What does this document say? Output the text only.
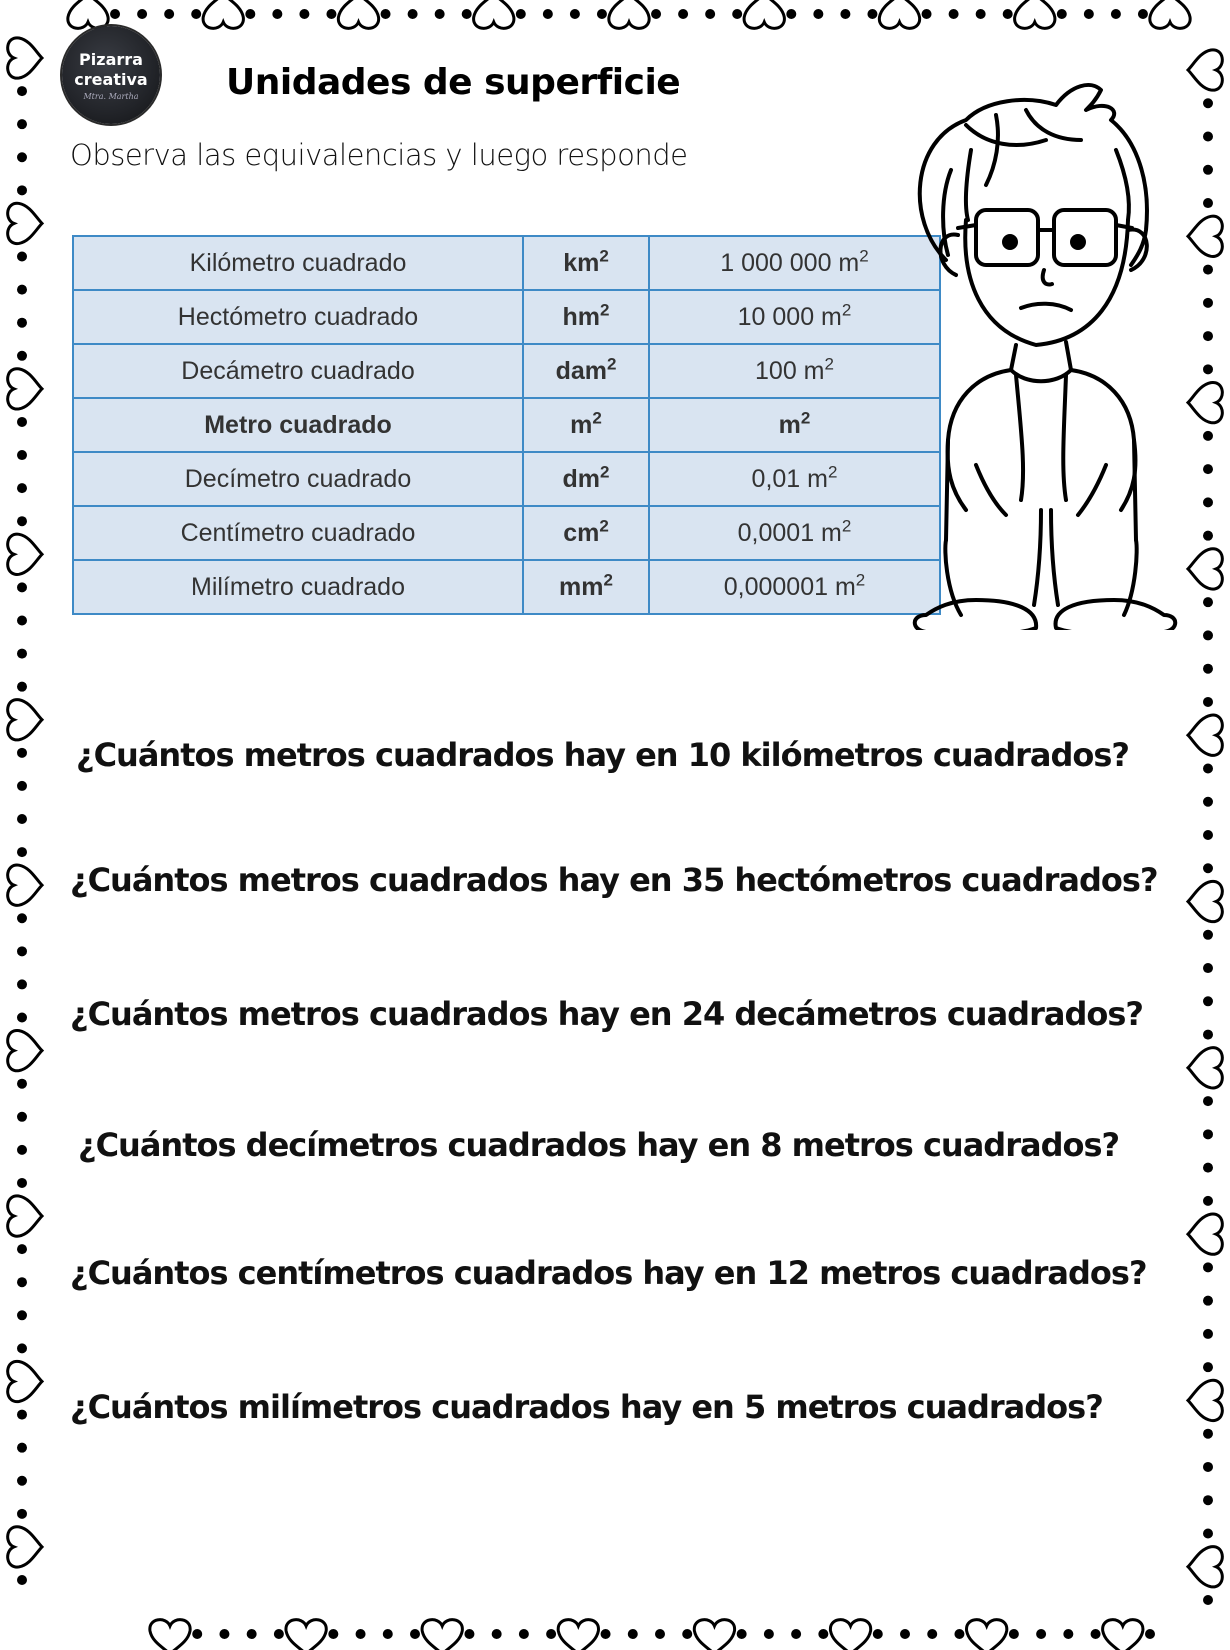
Pizarra
creativa
Mtra. Martha Unidades de superficie
Observa las equivalencias y luego responde
Kilómetro cuadrado	$km^2$	1 000 000 $m^2$
Hectómetro cuadrado	$hm^2$	10 000 $m^2$
Decámetro cuadrado	dam$^2$	100 $m^2$
Metro cuadrado	$m^2$	$m^2$
Decímetro cuadrado	$dm^2$	0,01 $m^2$
Centímetro cuadrado	$cm^2$	0,0001 $m^2$
Milímetro cuadrado	$mm^2$	0,000001 $m^2$
¿Cuántos metros cuadrados hay en 10 kilómetros cuadrados?
¿Cuántos metros cuadrados hay en 35 hectómetros cuadrados?
¿Cuántos metros cuadrados hay en 24 decámetros cuadrados?
¿Cuántos decímetros cuadrados hay en 8 metros cuadrados?
¿Cuántos centímetros cuadrados hay en 12 metros cuadrados?
¿Cuántos milímetros cuadrados hay en 5 metros cuadrados?
